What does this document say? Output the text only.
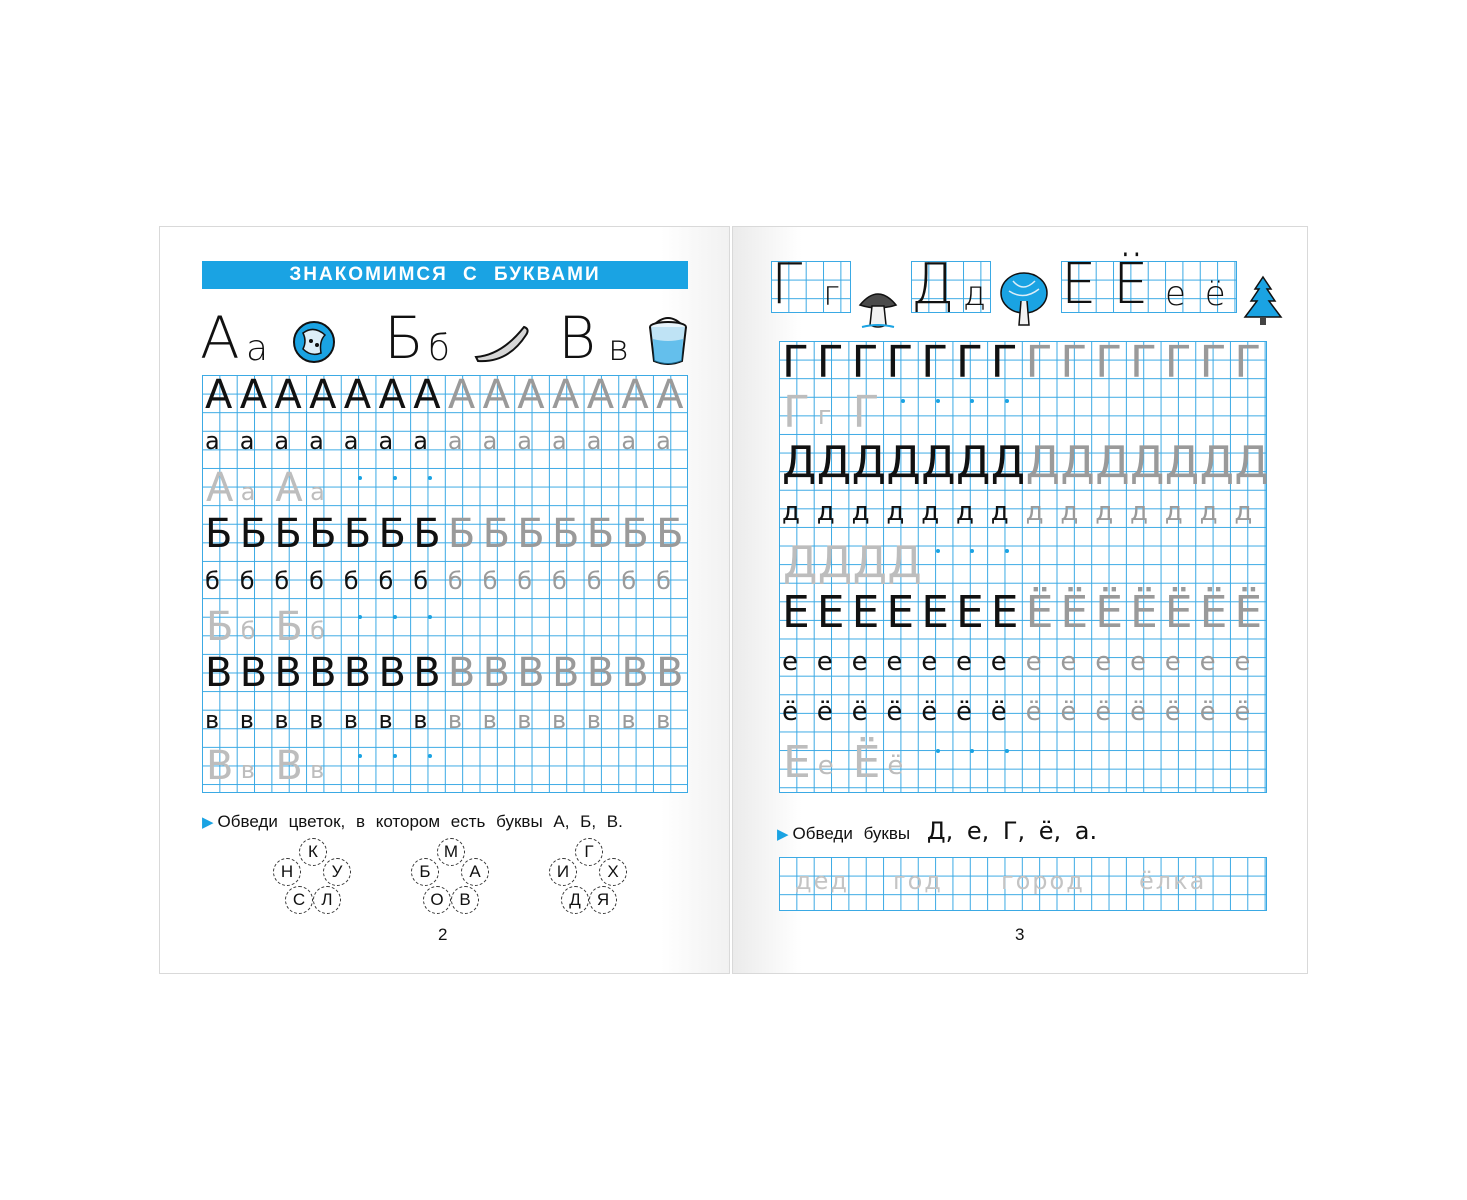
ЗНАКОМИМСЯ С БУКВАМИ
А а Б б В в
▶ Обведи цветок, в котором есть буквы А, Б, В.
2
А А А А А А А А А А А А А А
а а а а а а а а а а а а а а
А а А а
Б Б Б Б Б Б Б Б Б Б Б Б Б Б
б б б б б б б б б б б б б б
Б б Б б
В В В В В В В В В В В В В В
в в в в в в в в в в в в в в
В в В в
К
Н	У
С Л
М
Б	А
О В
Г
И	Х
Д Я
Г г Д д Е Ё е ё
▶ Обведи буквы Д, е, Г, ё, а.
дед год город ёлка
3
Г Г Г Г Г Г Г Г Г Г Г Г Г Г
Г г Г
Д Д Д Д Д Д Д Д Д Д Д Д Д Д
д д д д д д д д д д д д д д
Д Д Д Д
Е Е Е Е Е Е Е Ё Ё Ё Ё Ё Ё Ё
е е е е е е е е е е е е е е
ё ё ё ё ё ё ё ё ё ё ё ё ё ё
Е е Ё ё
